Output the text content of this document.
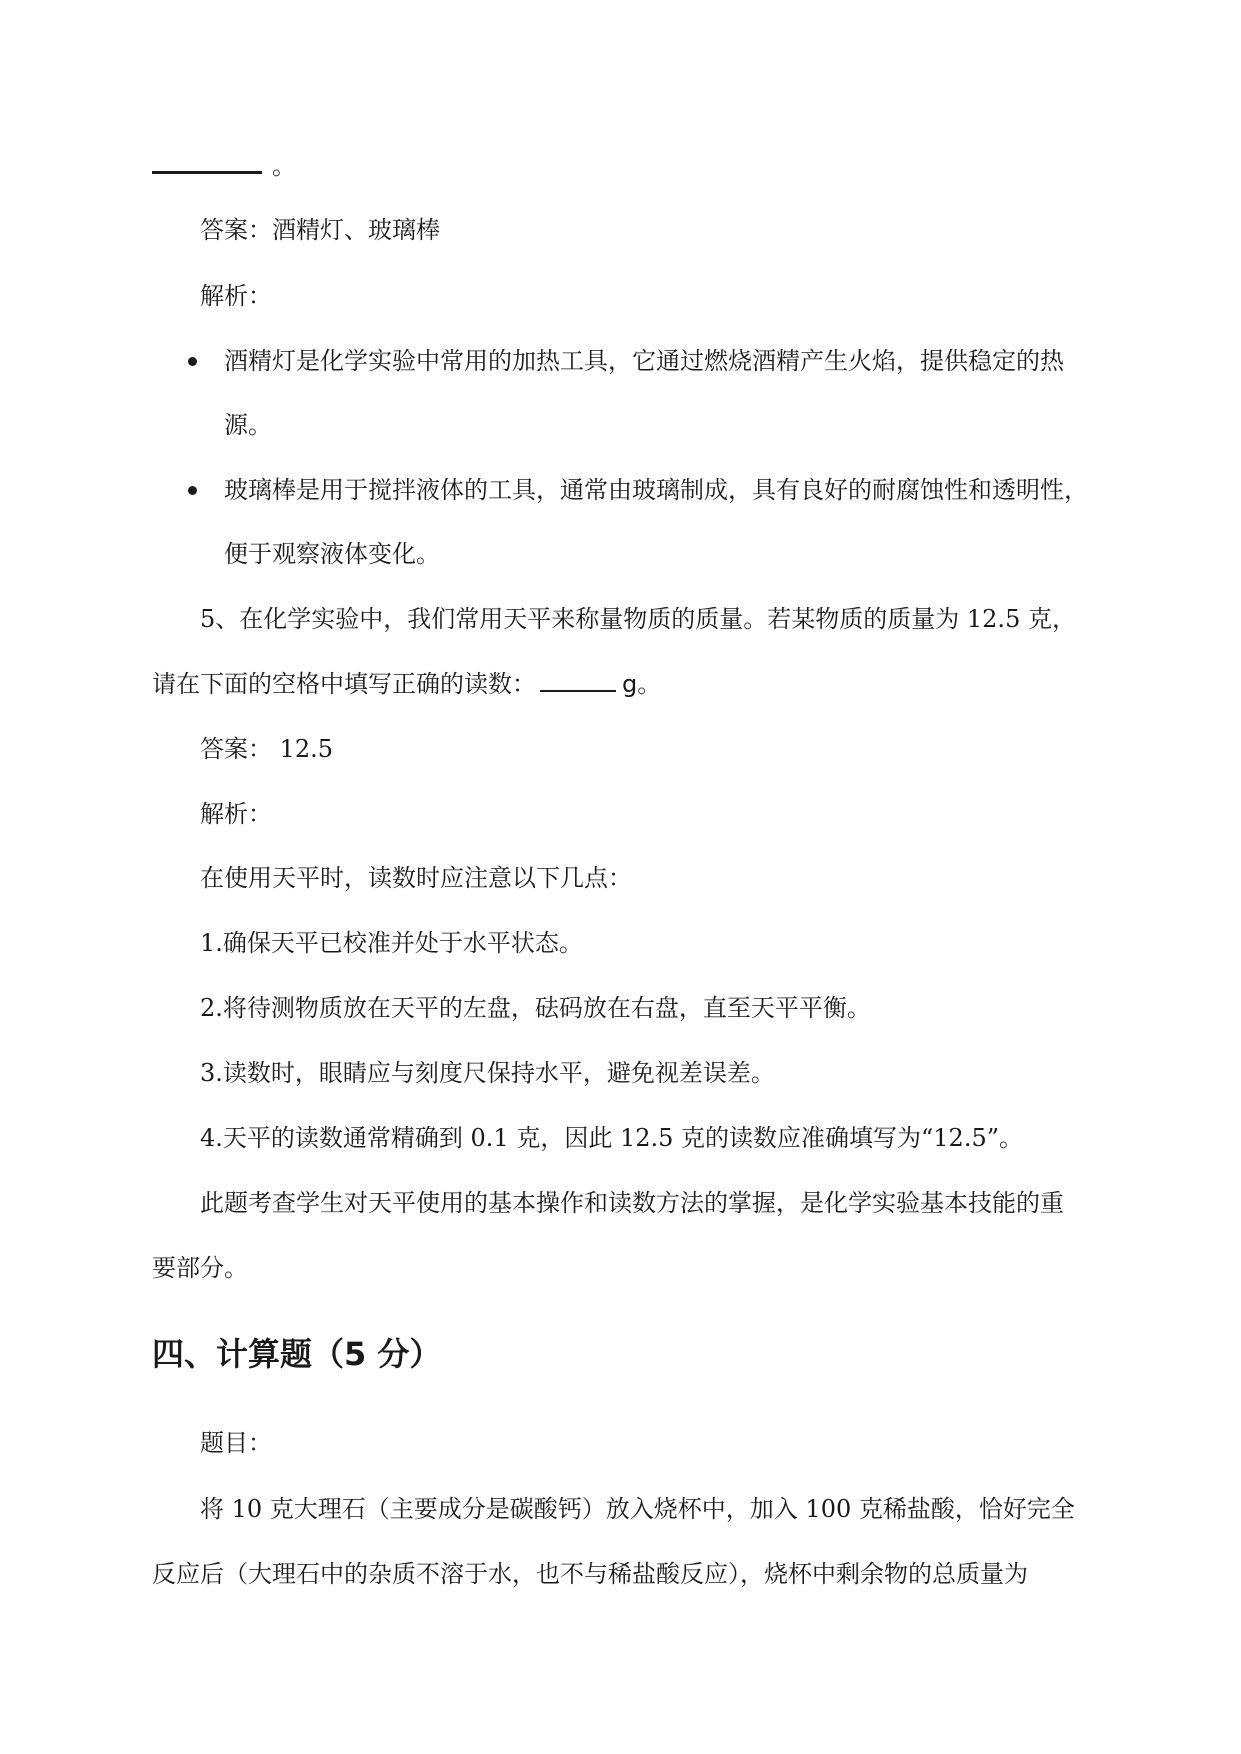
。
答案：酒精灯、玻璃棒
解析：
酒精灯是化学实验中常用的加热工具，它通过燃烧酒精产生火焰，提供稳定的热
源。
玻璃棒是用于搅拌液体的工具，通常由玻璃制成，具有良好的耐腐蚀性和透明性，
便于观察液体变化。
5、在化学实验中，我们常用天平来称量物质的质量。若某物质的质量为 12.5 克，
请在下面的空格中填写正确的读数：	g。
答案： 12.5
解析：
在使用天平时，读数时应注意以下几点：
1.确保天平已校准并处于水平状态。
2.将待测物质放在天平的左盘，砝码放在右盘，直至天平平衡。
3.读数时，眼睛应与刻度尺保持水平，避免视差误差。
4.天平的读数通常精确到 0.1 克，因此 12.5 克的读数应准确填写为“12.5”。
此题考查学生对天平使用的基本操作和读数方法的掌握，是化学实验基本技能的重
要部分。
四、计算题（5 分）
题目：
将 10 克大理石（主要成分是碳酸钙）放入烧杯中，加入 100 克稀盐酸，恰好完全
反应后（大理石中的杂质不溶于水，也不与稀盐酸反应），烧杯中剩余物的总质量为
